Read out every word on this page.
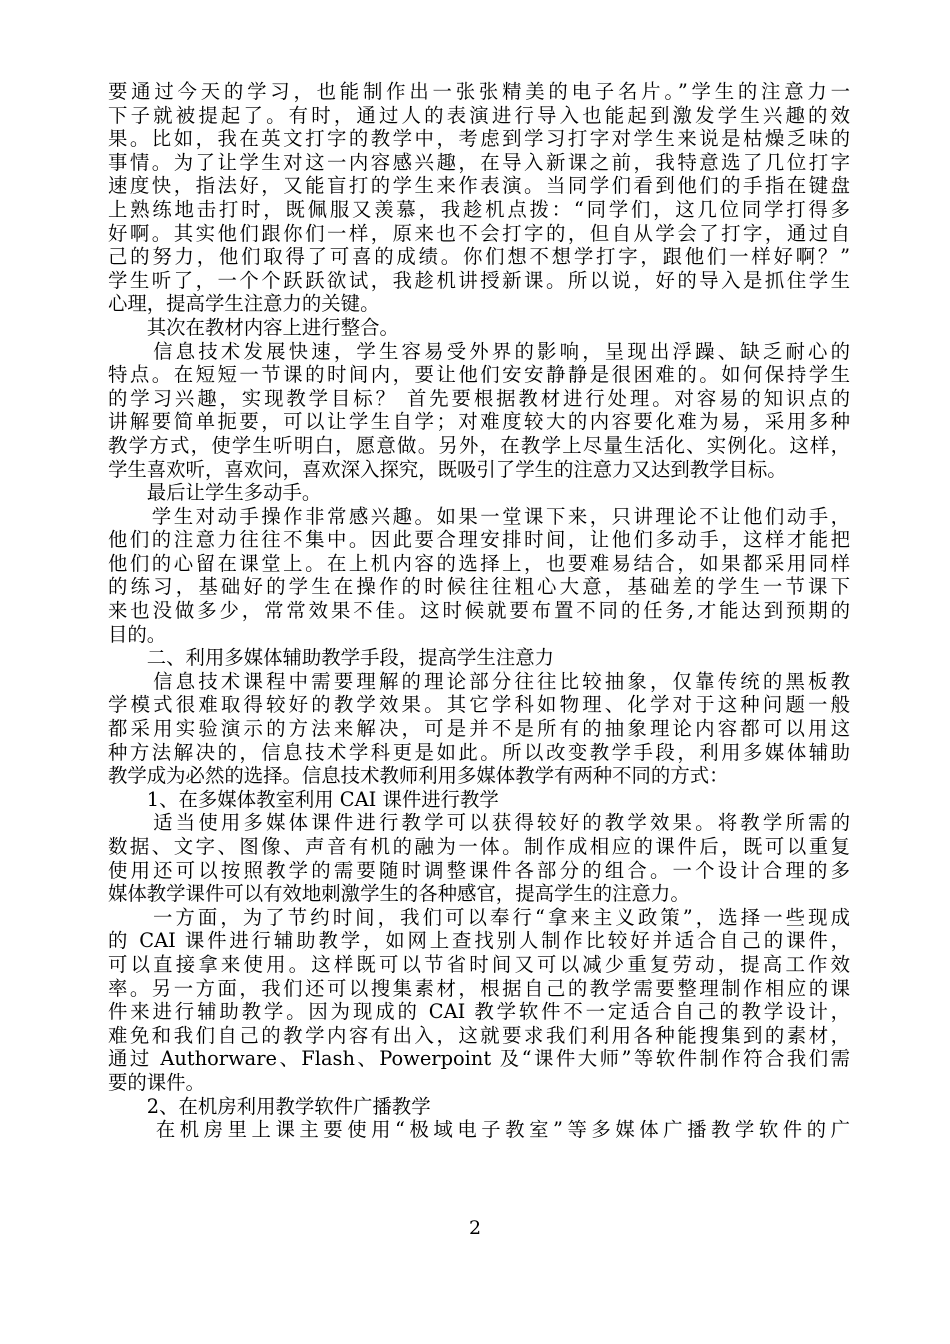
要通过今天的学习，也能制作出一张张精美的电子名片。”学生的注意力一
下子就被提起了。有时，通过人的表演进行导入也能起到激发学生兴趣的效
果。比如，我在英文打字的教学中，考虑到学习打字对学生来说是枯燥乏味的
事情。为了让学生对这一内容感兴趣，在导入新课之前，我特意选了几位打字
速度快，指法好，又能盲打的学生来作表演。当同学们看到他们的手指在键盘
上熟练地击打时，既佩服又羡慕，我趁机点拨：“同学们，这几位同学打得多
好啊。其实他们跟你们一样，原来也不会打字的，但自从学会了打字，通过自
己的努力，他们取得了可喜的成绩。你们想不想学打字，跟他们一样好啊？”
学生听了，一个个跃跃欲试，我趁机讲授新课。所以说，好的导入是抓住学生
心理，提高学生注意力的关键。
　　其次在教材内容上进行整合。
　　信息技术发展快速，学生容易受外界的影响，呈现出浮躁、缺乏耐心的
特点。在短短一节课的时间内，要让他们安安静静是很困难的。如何保持学生
的学习兴趣，实现教学目标？ 首先要根据教材进行处理。对容易的知识点的
讲解要简单扼要，可以让学生自学；对难度较大的内容要化难为易，采用多种
教学方式，使学生听明白，愿意做。另外，在教学上尽量生活化、实例化。这样，
学生喜欢听，喜欢问，喜欢深入探究，既吸引了学生的注意力又达到教学目标。
　　最后让学生多动手。
　　学生对动手操作非常感兴趣。如果一堂课下来，只讲理论不让他们动手，
他们的注意力往往不集中。因此要合理安排时间，让他们多动手，这样才能把
他们的心留在课堂上。在上机内容的选择上，也要难易结合，如果都采用同样
的练习，基础好的学生在操作的时候往往粗心大意，基础差的学生一节课下
来也没做多少，常常效果不佳。这时候就要布置不同的任务,才能达到预期的
目的。
　　二、利用多媒体辅助教学手段，提高学生注意力
　　信息技术课程中需要理解的理论部分往往比较抽象，仅靠传统的黑板教
学模式很难取得较好的教学效果。其它学科如物理、化学对于这种问题一般
都采用实验演示的方法来解决，可是并不是所有的抽象理论内容都可以用这
种方法解决的，信息技术学科更是如此。所以改变教学手段，利用多媒体辅助
教学成为必然的选择。信息技术教师利用多媒体教学有两种不同的方式：
　　1、在多媒体教室利用 CAI 课件进行教学
　　适当使用多媒体课件进行教学可以获得较好的教学效果。将教学所需的
数据、文字、图像、声音有机的融为一体。制作成相应的课件后，既可以重复
使用还可以按照教学的需要随时调整课件各部分的组合。一个设计合理的多
媒体教学课件可以有效地刺激学生的各种感官，提高学生的注意力。
　　一方面，为了节约时间，我们可以奉行“拿来主义政策”，选择一些现成
的 CAI 课件进行辅助教学，如网上查找别人制作比较好并适合自己的课件，
可以直接拿来使用。这样既可以节省时间又可以减少重复劳动，提高工作效
率。另一方面，我们还可以搜集素材，根据自己的教学需要整理制作相应的课
件来进行辅助教学。因为现成的 CAI 教学软件不一定适合自己的教学设计，
难免和我们自己的教学内容有出入，这就要求我们利用各种能搜集到的素材，
通过 Authorware、Flash、Powerpoint 及“课件大师”等软件制作符合我们需
要的课件。
　　2、在机房利用教学软件广播教学
　　在机房里上课主要使用“极域电子教室”等多媒体广播教学软件的广
2
